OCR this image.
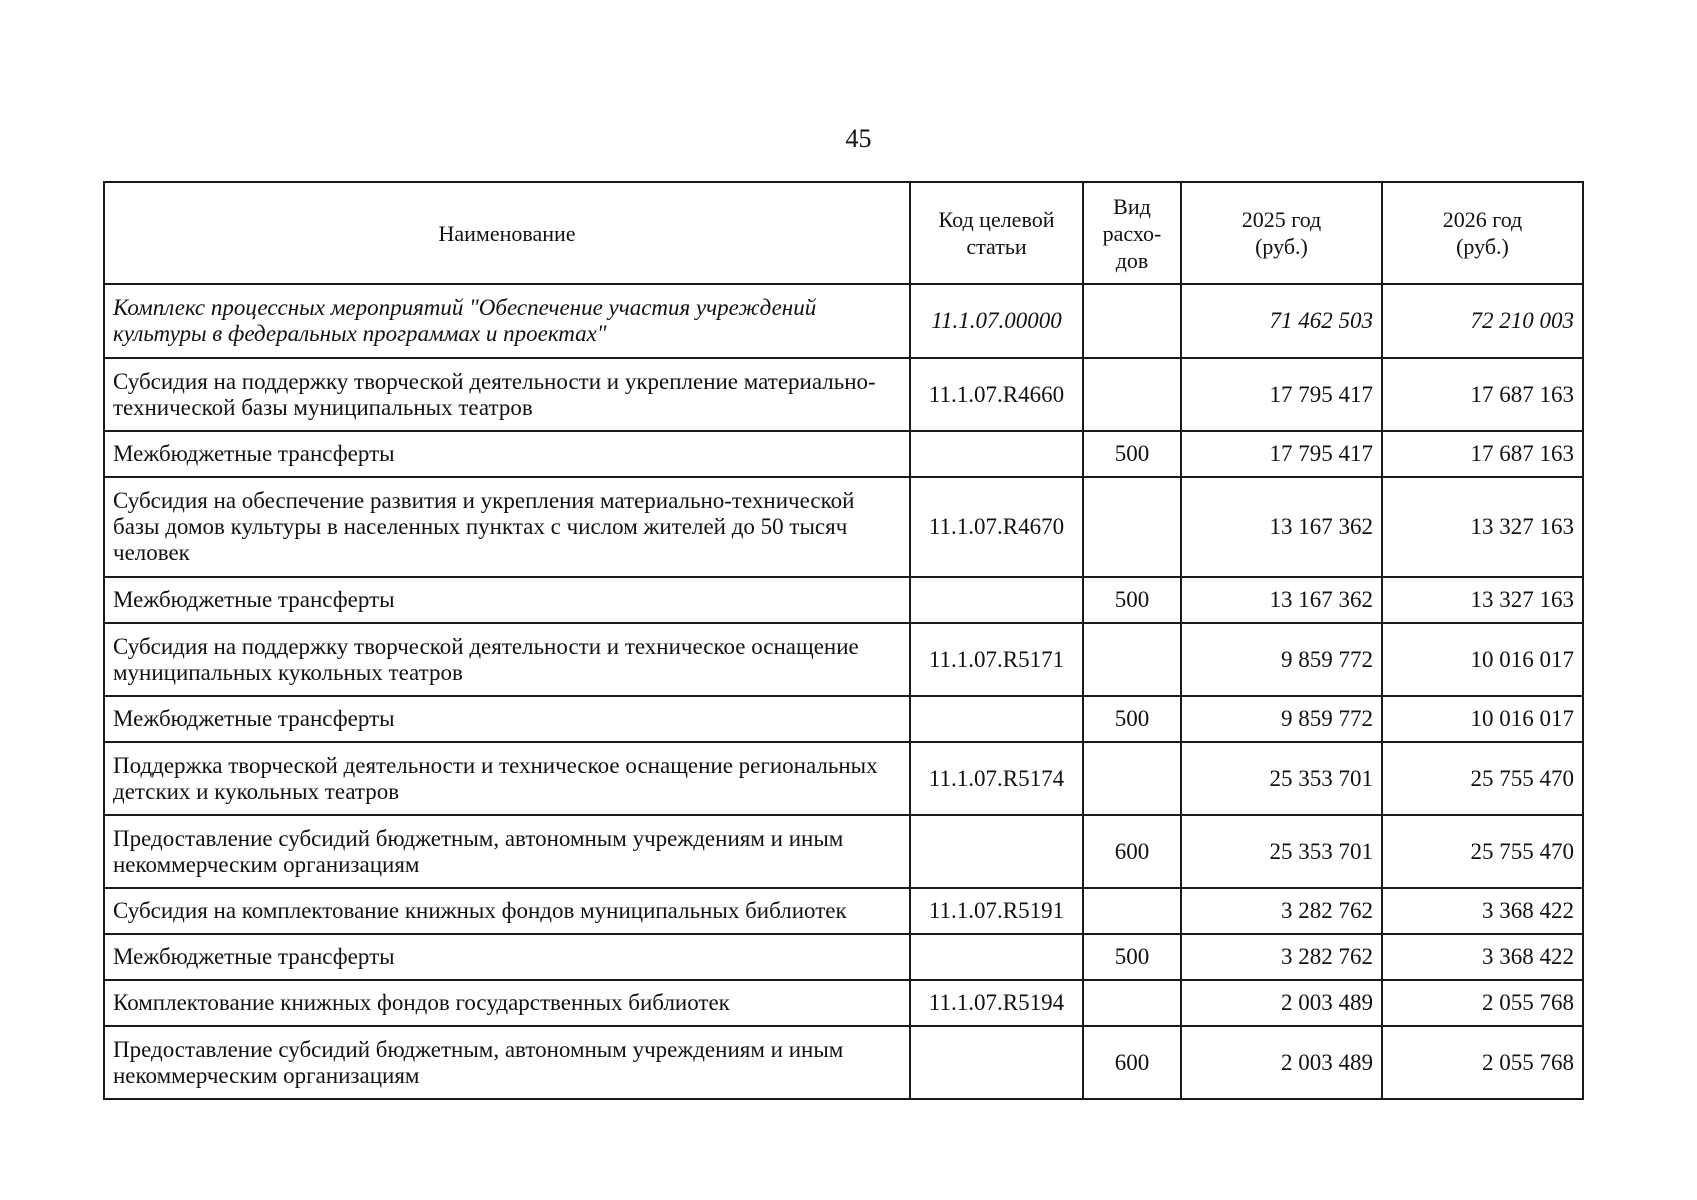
45
Наименование	Код целевой статьи	Вид расхо-дов	2025 год (руб.)	2026 год (руб.)
Комплекс процессных мероприятий "Обеспечение участия учреждений культуры в федеральных программах и проектах"	11.1.07.00000		71 462 503	72 210 003
Субсидия на поддержку творческой деятельности и укрепление материально-технической базы муниципальных театров	11.1.07.R4660		17 795 417	17 687 163
Межбюджетные трансферты		500	17 795 417	17 687 163
Субсидия на обеспечение развития и укрепления материально-технической базы домов культуры в населенных пунктах с числом жителей до 50 тысяч человек	11.1.07.R4670		13 167 362	13 327 163
Межбюджетные трансферты		500	13 167 362	13 327 163
Субсидия на поддержку творческой деятельности и техническое оснащение муниципальных кукольных театров	11.1.07.R5171		9 859 772	10 016 017
Межбюджетные трансферты		500	9 859 772	10 016 017
Поддержка творческой деятельности и техническое оснащение региональных детских и кукольных театров	11.1.07.R5174		25 353 701	25 755 470
Предоставление субсидий бюджетным, автономным учреждениям и иным некоммерческим организациям		600	25 353 701	25 755 470
Субсидия на комплектование книжных фондов муниципальных библиотек	11.1.07.R5191		3 282 762	3 368 422
Межбюджетные трансферты		500	3 282 762	3 368 422
Комплектование книжных фондов государственных библиотек	11.1.07.R5194		2 003 489	2 055 768
Предоставление субсидий бюджетным, автономным учреждениям и иным некоммерческим организациям		600	2 003 489	2 055 768
